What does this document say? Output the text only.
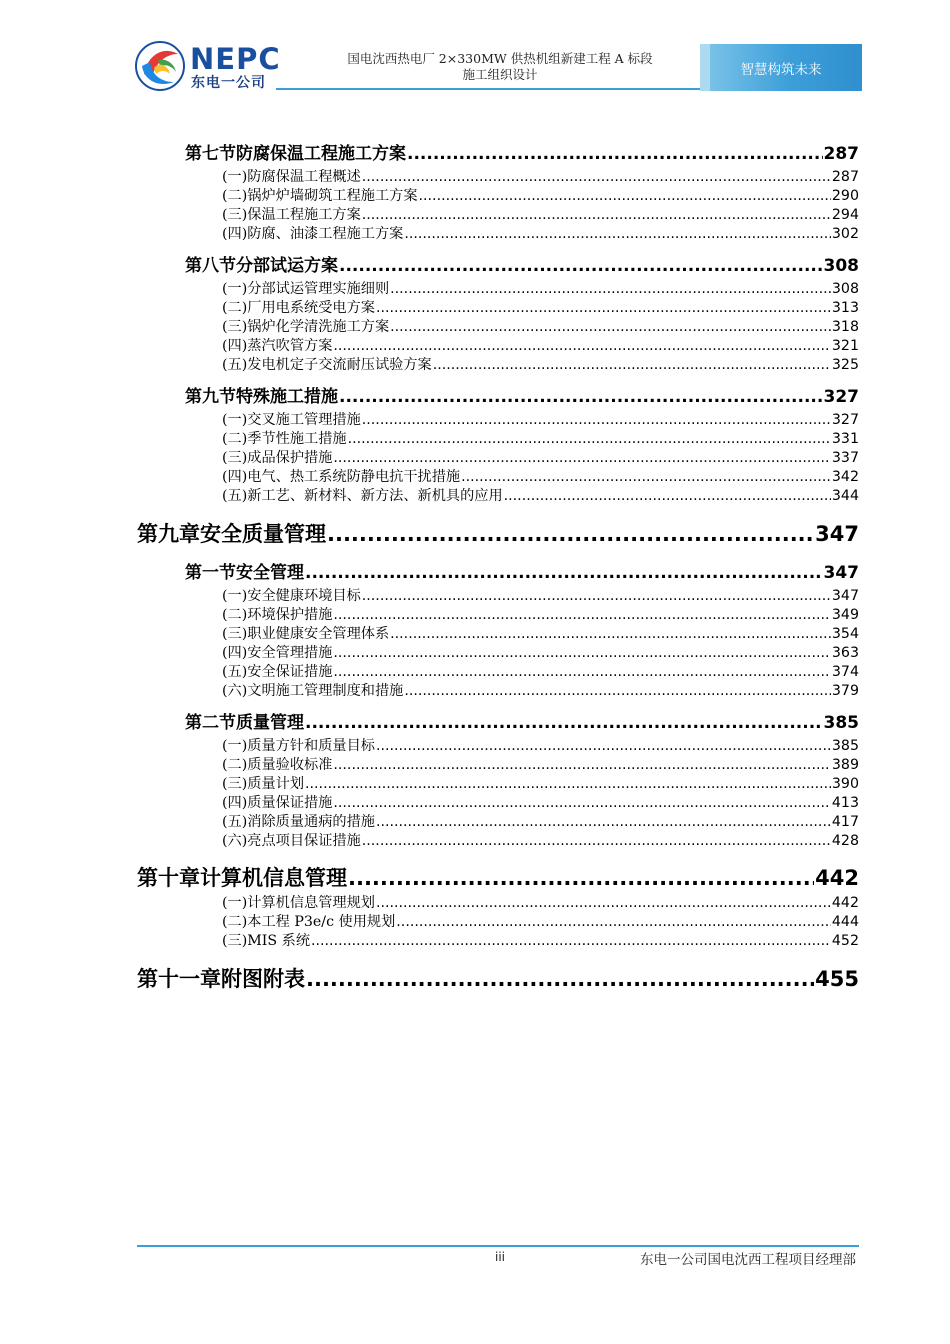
NEPC
东电一公司
国电沈西热电厂 2×330MW 供热机组新建工程 A 标段
施工组织设计	智慧构筑未来
第七节 防腐保温工程施工方案 .....	287
(一) 防腐保温工程概述 .....	287
(二) 锅炉炉墙砌筑工程施工方案 .....	290
(三) 保温工程施工方案 .....	294
(四) 防腐、油漆工程施工方案 .....	302
第八节 分部试运方案 .....	308
(一) 分部试运管理实施细则 .....	308
(二) 厂用电系统受电方案 .....	313
(三) 锅炉化学清洗施工方案 .....	318
(四) 蒸汽吹管方案 .....	321
(五) 发电机定子交流耐压试验方案 .....	325
第九节 特殊施工措施 .....	327
(一) 交叉施工管理措施 .....	327
(二) 季节性施工措施 .....	331
(三) 成品保护措施 .....	337
(四) 电气、热工系统防静电抗干扰措施 .....	342
(五) 新工艺、新材料、新方法、新机具的应用 .....	344
第九章 安全质量管理 .....	347
第一节 安全管理 .....	347
(一) 安全健康环境目标 .....	347
(二) 环境保护措施 .....	349
(三) 职业健康安全管理体系 .....	354
(四) 安全管理措施 .....	363
(五) 安全保证措施 .....	374
(六) 文明施工管理制度和措施 .....	379
第二节 质量管理 .....	385
(一) 质量方针和质量目标 .....	385
(二) 质量验收标准 .....	389
(三) 质量计划 .....	390
(四) 质量保证措施 .....	413
(五) 消除质量通病的措施 .....	417
(六) 亮点项目保证措施 .....	428
第十章 计算机信息管理 .....	442
(一) 计算机信息管理规划 .....	442
(二) 本工程 P3e/c 使用规划 .....	444
(三) MIS 系统 .....	452
第十一章 附图附表 .....	455
iii	东电一公司国电沈西工程项目经理部
